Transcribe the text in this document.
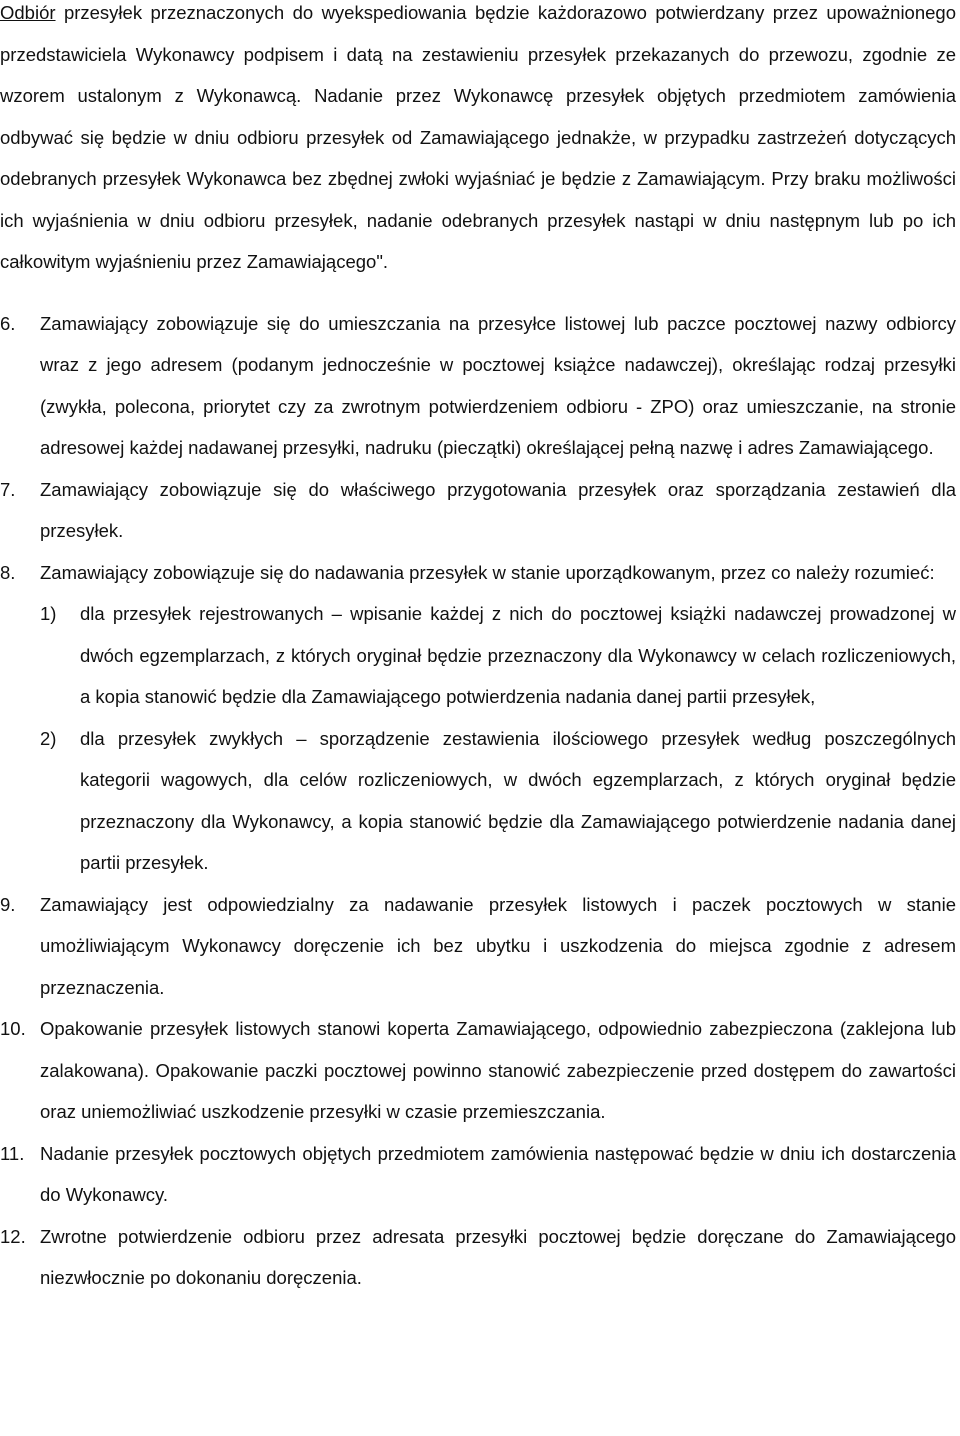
Odbiór przesyłek przeznaczonych do wyekspediowania będzie każdorazowo potwierdzany przez upoważnionego przedstawiciela Wykonawcy podpisem i datą na zestawieniu przesyłek przekazanych do przewozu, zgodnie ze wzorem ustalonym z Wykonawcą. Nadanie przez Wykonawcę przesyłek objętych przedmiotem zamówienia odbywać się będzie w dniu odbioru przesyłek od Zamawiającego jednakże, w przypadku zastrzeżeń dotyczących odebranych przesyłek Wykonawca bez zbędnej zwłoki wyjaśniać je będzie z Zamawiającym. Przy braku możliwości ich wyjaśnienia w dniu odbioru przesyłek, nadanie odebranych przesyłek nastąpi w dniu następnym lub po ich całkowitym wyjaśnieniu przez Zamawiającego".

6. Zamawiający zobowiązuje się do umieszczania na przesyłce listowej lub paczce pocztowej nazwy odbiorcy wraz z jego adresem (podanym jednocześnie w pocztowej książce nadawczej), określając rodzaj przesyłki (zwykła, polecona, priorytet czy za zwrotnym potwierdzeniem odbioru - ZPO) oraz umieszczanie, na stronie adresowej każdej nadawanej przesyłki, nadruku (pieczątki) określającej pełną nazwę i adres Zamawiającego.
7. Zamawiający zobowiązuje się do właściwego przygotowania przesyłek oraz sporządzania zestawień dla przesyłek.
8. Zamawiający zobowiązuje się do nadawania przesyłek w stanie uporządkowanym, przez co należy rozumieć:
1) dla przesyłek rejestrowanych – wpisanie każdej z nich do pocztowej książki nadawczej prowadzonej w dwóch egzemplarzach, z których oryginał będzie przeznaczony dla Wykonawcy w celach rozliczeniowych, a kopia stanowić będzie dla Zamawiającego potwierdzenia nadania danej partii przesyłek,
2) dla przesyłek zwykłych – sporządzenie zestawienia ilościowego przesyłek według poszczególnych kategorii wagowych, dla celów rozliczeniowych, w dwóch egzemplarzach, z których oryginał będzie przeznaczony dla Wykonawcy, a kopia stanowić będzie dla Zamawiającego potwierdzenie nadania danej partii przesyłek.
9. Zamawiający jest odpowiedzialny za nadawanie przesyłek listowych i paczek pocztowych w stanie umożliwiającym Wykonawcy doręczenie ich bez ubytku i uszkodzenia do miejsca zgodnie z adresem przeznaczenia.
10. Opakowanie przesyłek listowych stanowi koperta Zamawiającego, odpowiednio zabezpieczona (zaklejona lub zalakowana). Opakowanie paczki pocztowej powinno stanowić zabezpieczenie przed dostępem do zawartości oraz uniemożliwiać uszkodzenie przesyłki w czasie przemieszczania.
11. Nadanie przesyłek pocztowych objętych przedmiotem zamówienia następować będzie w dniu ich dostarczenia do Wykonawcy.
12. Zwrotne potwierdzenie odbioru przez adresata przesyłki pocztowej będzie doręczane do Zamawiającego niezwłocznie po dokonaniu doręczenia.
